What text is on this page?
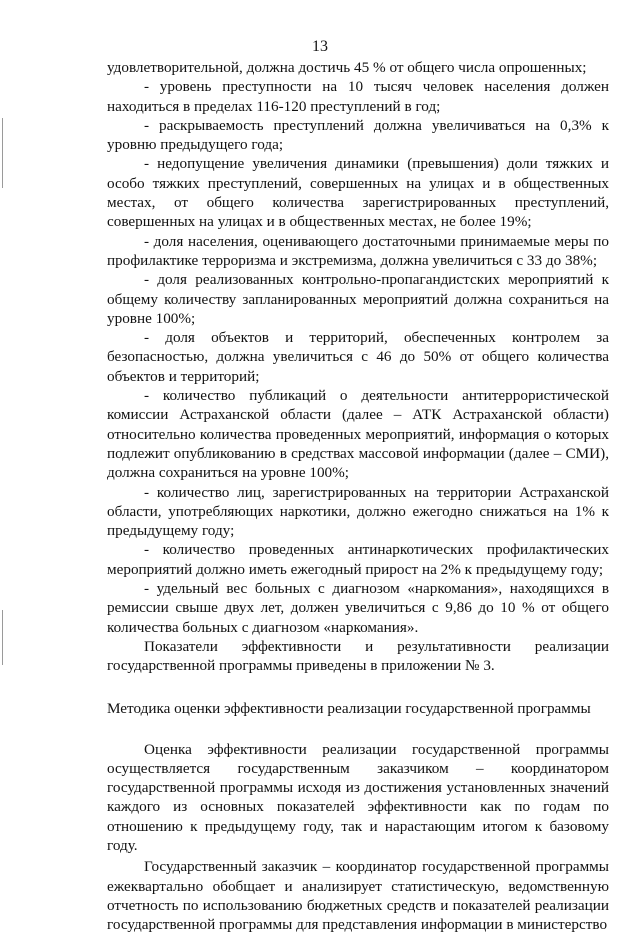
13

удовлетворительной, должна достичь 45 % от общего числа опрошенных;

- уровень преступности на 10 тысяч человек населения должен находиться в пределах 116-120 преступлений в год;

- раскрываемость преступлений должна увеличиваться на 0,3% к уровню предыдущего года;

- недопущение увеличения динамики (превышения) доли тяжких и особо тяжких преступлений, совершенных на улицах и в общественных местах, от общего количества зарегистрированных преступлений, совершенных на улицах и в общественных местах, не более 19%;

- доля населения, оценивающего достаточными принимаемые меры по профилактике терроризма и экстремизма, должна увеличиться с 33 до 38%;

- доля реализованных контрольно-пропагандистских мероприятий к общему количеству запланированных мероприятий должна сохраниться на уровне 100%;

- доля объектов и территорий, обеспеченных контролем за безопасностью, должна увеличиться с 46 до 50% от общего количества объектов и территорий;

- количество публикаций о деятельности антитеррористической комиссии Астраханской области (далее – АТК Астраханской области) относительно количества проведенных мероприятий, информация о которых подлежит опубликованию в средствах массовой информации (далее – СМИ), должна сохраниться на уровне 100%;

- количество лиц, зарегистрированных на территории Астраханской области, употребляющих наркотики, должно ежегодно снижаться на 1% к предыдущему году;

- количество проведенных антинаркотических профилактических мероприятий должно иметь ежегодный прирост на 2% к предыдущему году;

- удельный вес больных с диагнозом «наркомания», находящихся в ремиссии свыше двух лет, должен увеличиться с 9,86 до 10 % от общего количества больных с диагнозом «наркомания».

Показатели эффективности и результативности реализации государственной программы приведены в приложении № 3.

Методика оценки эффективности реализации государственной программы

Оценка эффективности реализации государственной программы осуществляется государственным заказчиком – координатором государственной программы исходя из достижения установленных значений каждого из основных показателей эффективности как по годам по отношению к предыдущему году, так и нарастающим итогом к базовому году.

Государственный заказчик – координатор государственной программы ежеквартально обобщает и анализирует статистическую, ведомственную отчетность по использованию бюджетных средств и показателей реализации государственной программы для представления информации в министерство
